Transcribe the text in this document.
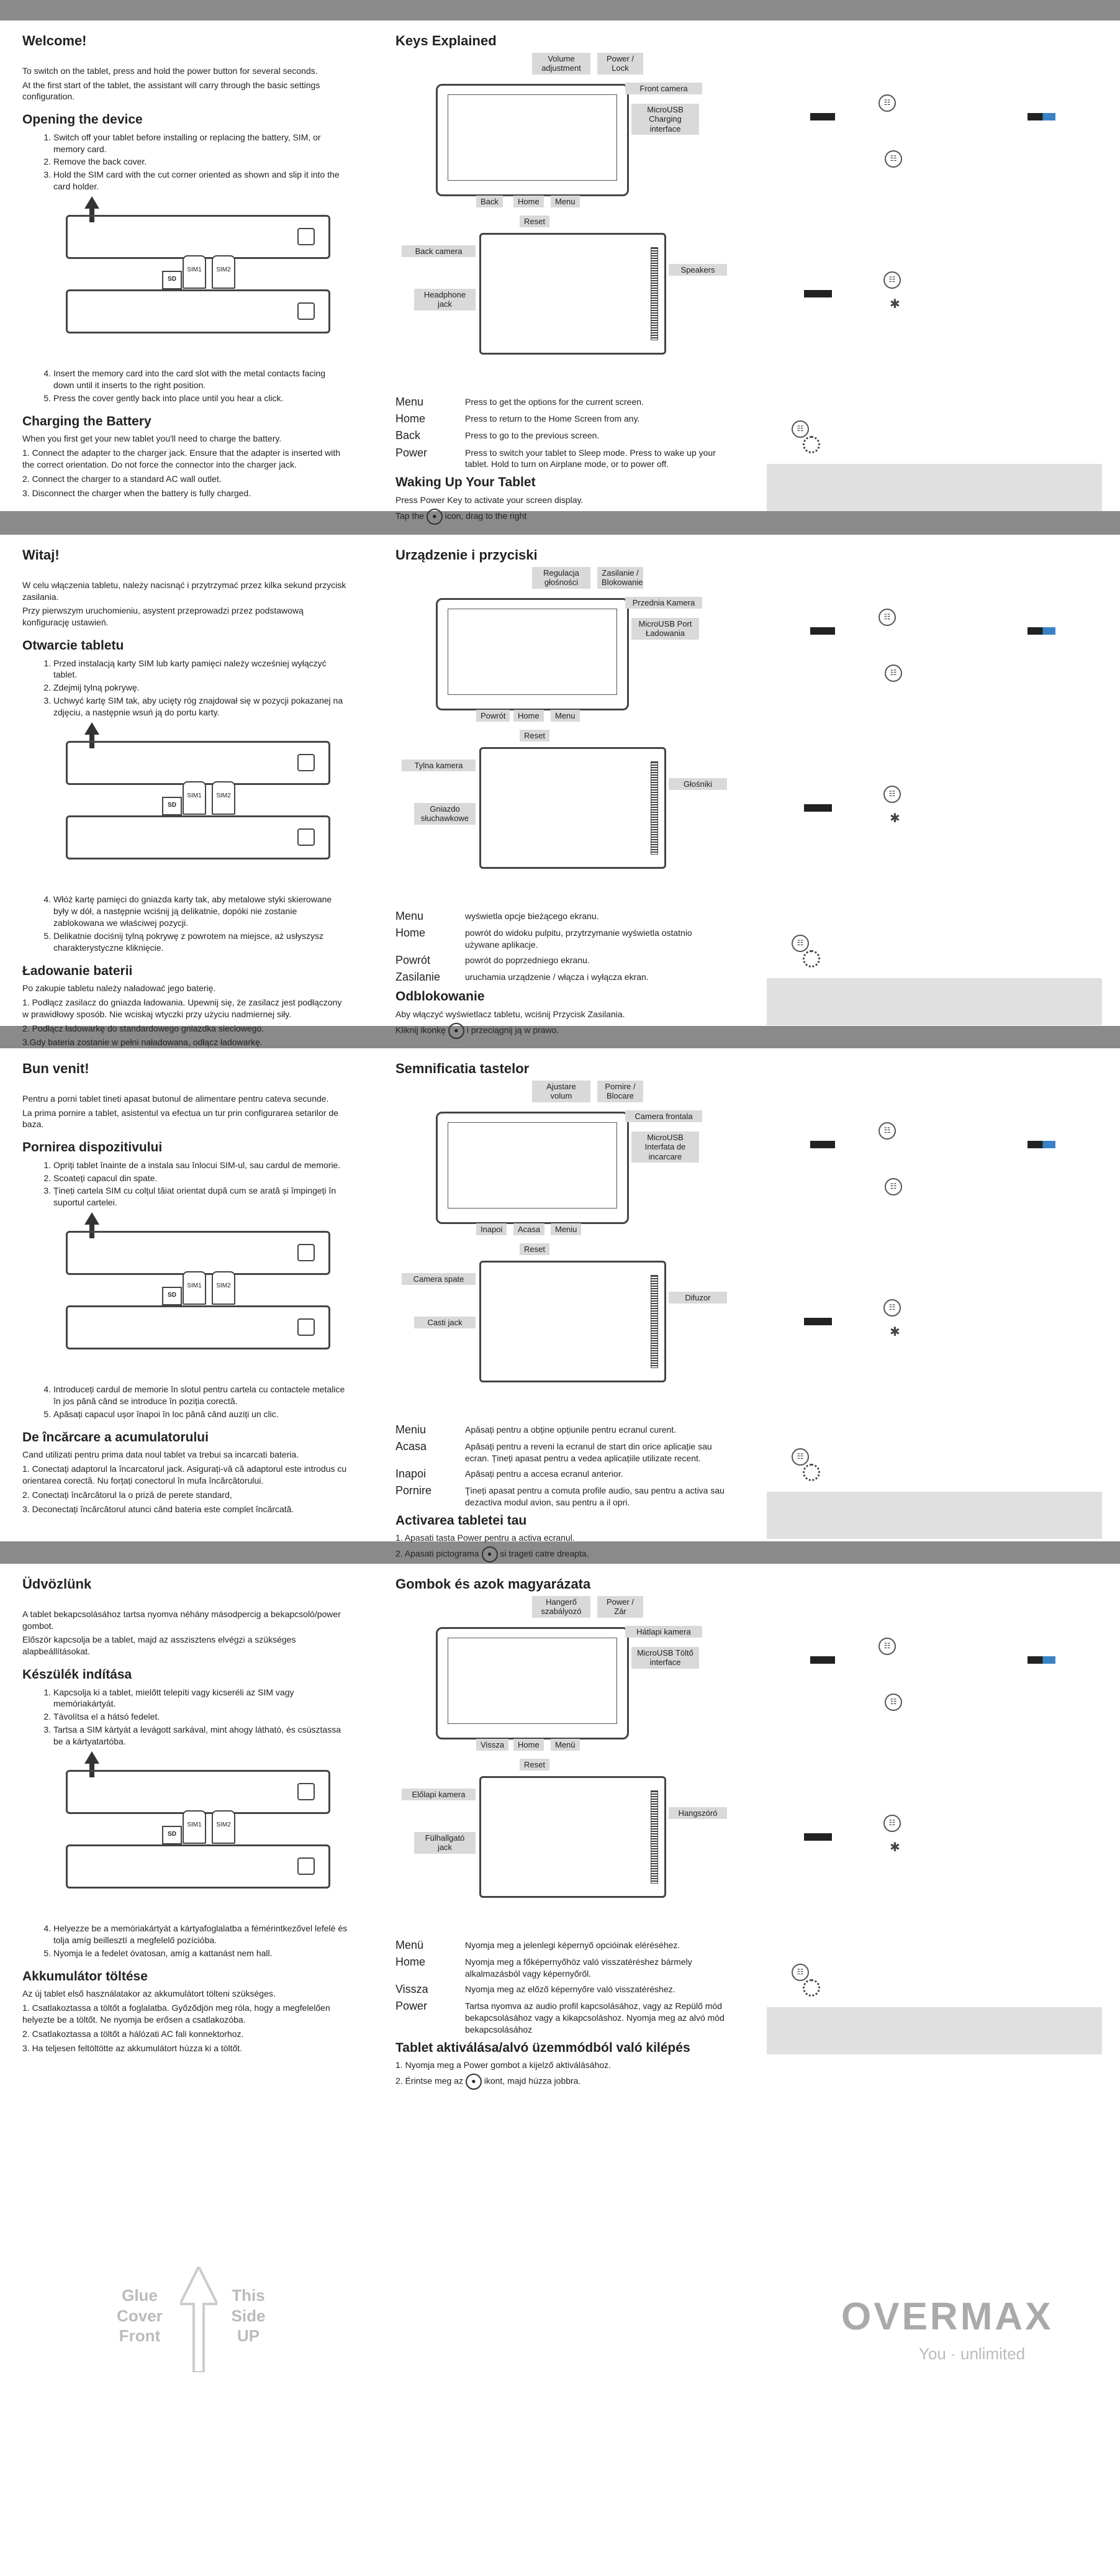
Welcome!

To switch on the tablet, press and hold the power button for several seconds.

At the first start of the tablet, the assistant will carry through the basic settings configuration.

Opening the device
1. Switch off your tablet before installing or replacing the battery, SIM, or memory card.
2. Remove the back cover.
3. Hold the SIM card with the cut corner oriented as shown and slip it into the card holder.
SD
SIM1	SIM2
4. Insert the memory card into the card slot with the metal contacts facing down until it inserts to the right position.
5. Press the cover gently back into place until you hear a click.
Charging the Battery

When you first get your new tablet you'll need to charge the battery.

1. Connect the adapter to the charger jack. Ensure that the adapter is inserted with the correct orientation. Do not force the connector into the charger jack.

2. Connect the charger to a standard AC wall outlet.

3. Disconnect the charger when the battery is fully charged.

Keys Explained
Volume adjustment
Power / Lock
Front camera
MicroUSB Charging interface
Back	Home	Menu
Reset
Back camera
Headphone jack
Speakers
Menu	Press to get the options for the current screen.
Home	Press to return to the Home Screen from any.
Back	Press to go to the previous screen.
Power	Press to switch your tablet to Sleep mode. Press to wake up your tablet. Hold to turn on Airplane mode, or to power off.
Waking Up Your Tablet

Press Power Key to activate your screen display.

Tap the ● icon, drag to the right

☷
☷
☷
✱
☷
Witaj!

W celu włączenia tabletu, należy nacisnąć i przytrzymać przez kilka sekund przycisk zasilania.

Przy pierwszym uruchomieniu, asystent przeprowadzi przez podstawową konfigurację ustawień.

Otwarcie tabletu
1. Przed instalacją karty SIM lub karty pamięci należy wcześniej wyłączyć tablet.
2. Zdejmij tylną pokrywę.
3. Uchwyć kartę SIM tak, aby ucięty róg znajdował się w pozycji pokazanej na zdjęciu, a następnie wsuń ją do portu karty.
SD
SIM1	SIM2
4. Włóż kartę pamięci do gniazda karty tak, aby metalowe styki skierowane były w dół, a następnie wciśnij ją delikatnie, dopóki nie zostanie zablokowana we właściwej pozycji.
5. Delikatnie dociśnij tylną pokrywę z powrotem na miejsce, aż usłyszysz charakterystyczne kliknięcie.
Ładowanie baterii

Po zakupie tabletu należy naładować jego baterię.

1. Podłącz zasilacz do gniazda ładowania. Upewnij się, że zasilacz jest podłączony w prawidłowy sposób. Nie wciskaj wtyczki przy użyciu nadmiernej siły.

2. Podłącz ładowarkę do standardowego gniazdka sieciowego.

3.Gdy bateria zostanie w pełni naładowana, odłącz ładowarkę.

Urządzenie i przyciski
Regulacja głośności
Zasilanie / Blokowanie
Przednia Kamera
MicroUSB Port Ładowania
Powrót	Home	Menu
Reset
Tylna kamera
Gniazdo słuchawkowe
Głośniki
Menu	wyświetla opcje bieżącego ekranu.
Home	powrót do widoku pulpitu, przytrzymanie wyświetla ostatnio używane aplikacje.
Powrót	powrót do poprzedniego ekranu.
Zasilanie	uruchamia urządzenie / włącza i wyłącza ekran.
Odblokowanie

Aby włączyć wyświetlacz tabletu, wciśnij Przycisk Zasilania.

Kliknij ikonkę ● i przeciągnij ją w prawo.

☷
☷
☷
✱
☷
Bun venit!

Pentru a porni tablet tineti apasat butonul de alimentare pentru cateva secunde.

La prima pornire a tablet, asistentul va efectua un tur prin configurarea setarilor de baza.

Pornirea dispozitivului
1. Opriți tablet înainte de a instala sau înlocui SIM-ul, sau cardul de memorie.
2. Scoateți capacul din spate.
3. Țineți cartela SIM cu colțul tăiat orientat după cum se arată și împingeți în suportul cartelei.
SD
SIM1	SIM2
4. Introduceți cardul de memorie în slotul pentru cartela cu contactele metalice în jos până când se introduce în poziția corectă.
5. Apăsați capacul ușor înapoi în loc până când auziți un clic.
De încărcare a acumulatorului

Cand utilizati pentru prima data noul tablet va trebui sa incarcati bateria.

1. Conectați adaptorul la încarcatorul jack. Asigurați-vă că adaptorul este introdus cu orientarea corectă. Nu forțați conectorul în mufa încărcătorului.

2. Conectați încărcătorul la o priză de perete standard,

3. Deconectați încărcătorul atunci când bateria este complet încărcată.

Semnificatia tastelor
Ajustare volum
Pornire / Blocare
Camera frontala
MicroUSB Interfata de incarcare
Inapoi	Acasa	Meniu
Reset
Camera spate
Casti jack
Difuzor
Meniu	Apăsați pentru a obține opțiunile pentru ecranul curent.
Acasa	Apăsați pentru a reveni la ecranul de start din orice aplicație sau ecran. Țineți apasat pentru a vedea aplicațiile utilizate recent.
Inapoi	Apăsați pentru a accesa ecranul anterior.
Pornire	Ţineți apasat pentru a comuta profile audio, sau pentru a activa sau dezactiva modul avion, sau pentru a il opri.
Activarea tabletei tau

1. Apasati tasta Power pentru a activa ecranul.

2. Apasati pictograma ● si trageti catre dreapta.

☷
☷
☷
✱
☷
Üdvözlünk

A tablet bekapcsolásához tartsa nyomva néhány másodpercig a bekapcsoló/power gombot.

Először kapcsolja be a tablet, majd az asszisztens elvégzi a szükséges alapbeállításokat.

Készülék indítása
1. Kapcsolja ki a tablet, mielőtt telepíti vagy kicseréli az SIM vagy memóriakártyát.
2. Távolítsa el a hátsó fedelet.
3. Tartsa a SIM kártyát a levágott sarkával, mint ahogy látható, és csúsztassa be a kártyatartóba.
SD
SIM1	SIM2
4. Helyezze be a memóriakártyát a kártyafoglalatba a fémérintkezővel lefelé és tolja amíg beillesztí a megfelelő pozícióba.
5. Nyomja le a fedelet óvatosan, amíg a kattanást nem hall.
Akkumulátor töltése

Az új tablet első használatakor az akkumulátort tölteni szükséges.

1. Csatlakoztassa a töltőt a foglalatba. Győződjön meg róla, hogy a megfelelően helyezte be a töltőt. Ne nyomja be erősen a csatlakozóba.

2. Csatlakoztassa a töltőt a hálózati AC fali konnektorhoz.

3. Ha teljesen feltöltötte az akkumulátort húzza ki a töltőt.

Gombok és azok magyarázata
Hangerő szabályozó
Power / Zár
Hátlapi kamera
MicroUSB Töltő interface
Vissza	Home	Menü
Reset
Előlapi kamera
Fülhallgató jack
Hangszóró
Menü	Nyomja meg a jelenlegi képernyő opcióinak eléréséhez.
Home	Nyomja meg a főképernyőhöz való visszatéréshez bármely alkalmazásból vagy képernyőről.
Vissza	Nyomja meg az előző képernyőre való visszatéréshez.
Power	Tartsa nyomva az audio profil kapcsolásához, vagy az Repülő mód bekapcsolásához vagy a kikapcsoláshoz. Nyomja meg az alvó mód bekapcsolásához
Tablet aktiválása/alvó üzemmódból való kilépés

1. Nyomja meg a Power gombot a kijelző aktiválásához.

2. Érintse meg az ● ikont, majd húzza jobbra.

☷
☷
☷
✱
☷
Glue Cover Front
This Side UP	OVERMAX
You · unlimited
